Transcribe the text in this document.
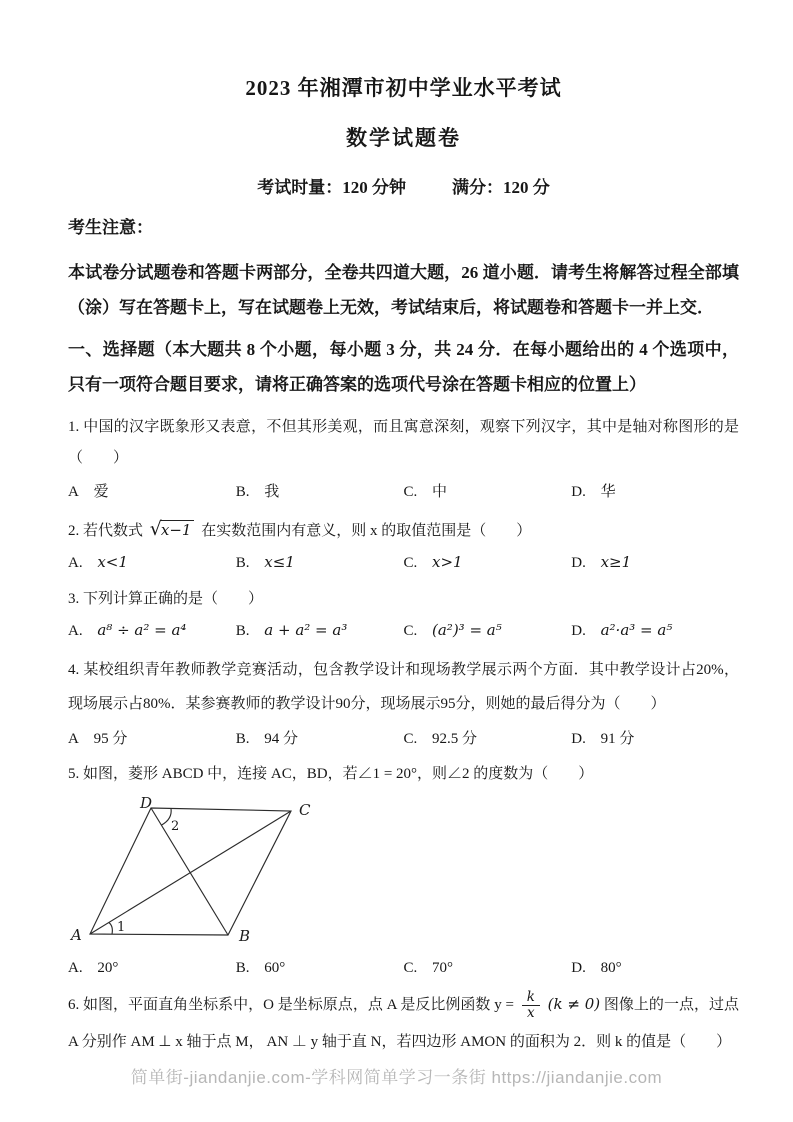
2023 年湘潭市初中学业水平考试
数学试题卷
考试时量：120 分钟	满分：120 分

考生注意：

本试卷分试题卷和答题卡两部分，全卷共四道大题，26 道小题．请考生将解答过程全部填（涂）写在答题卡上，写在试题卷上无效，考试结束后，将试题卷和答题卡一并上交．

一、选择题（本大题共 8 个小题，每小题 3 分，共 24 分．在每小题给出的 4 个选项中，只有一项符合题目要求，请将正确答案的选项代号涂在答题卡相应的位置上）

1. 中国的汉字既象形又表意，不但其形美观，而且寓意深刻，观察下列汉字，其中是轴对称图形的是（　　）

A 爱	B. 我	C. 中	D. 华

2. 若代数式 √x−1 在实数范围内有意义，则 x 的取值范围是（　　）

A. x<1	B. x≤1	C. x>1	D. x≥1

3. 下列计算正确的是（　　）

A. a⁸ ÷ a² = a⁴	B. a + a² = a³	C. (a²)³ = a⁵	D. a²·a³ = a⁵

4. 某校组织青年教师教学竞赛活动，包含教学设计和现场教学展示两个方面．其中教学设计占20%，现场展示占80%．某参赛教师的教学设计90分，现场展示95分，则她的最后得分为（　　）

A 95 分	B. 94 分	C. 92.5 分	D. 91 分

5. 如图，菱形 ABCD 中，连接 AC，BD，若∠1 = 20°，则∠2 的度数为（　　）

A	B
C
D
1
2
A. 20°	B. 60°	C. 70°	D. 80°

6. 如图，平面直角坐标系中，O 是坐标原点，点 A 是反比例函数 $y = \frac{k}{x} (k \ne 0)$ 图像上的一点，过点 A 分别作 AM ⊥ x 轴于点 M， AN ⊥ y 轴于直 N，若四边形 AMON 的面积为 2．则 k 的值是（　　）

简单街-jiandanjie.com-学科网简单学习一条街 https://jiandanjie.com
